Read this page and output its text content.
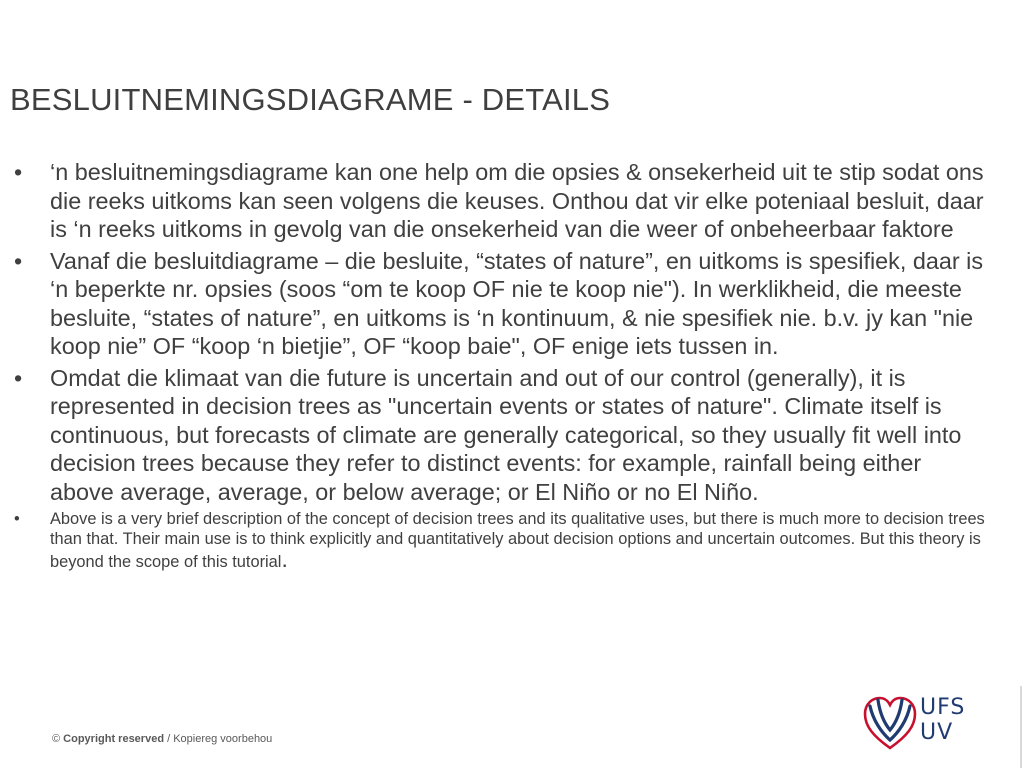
BESLUITNEMINGSDIAGRAME - DETAILS
• ‘n besluitnemingsdiagrame kan one help om die opsies & onsekerheid uit te stip sodat ons die reeks uitkoms kan seen volgens die keuses. Onthou dat vir elke poteniaal besluit, daar is ‘n reeks uitkoms in gevolg van die onsekerheid van die weer of onbeheerbaar faktore
• Vanaf die besluitdiagrame – die besluite, “states of nature”, en uitkoms is spesifiek, daar is ‘n beperkte nr. opsies (soos “om te koop OF nie te koop nie"). In werklikheid, die meeste besluite, “states of nature”, en uitkoms is ‘n kontinuum, & nie spesifiek nie. b.v. jy kan "nie koop nie” OF “koop ‘n bietjie”, OF “koop baie", OF enige iets tussen in.
• Omdat die klimaat van die future is uncertain and out of our control (generally), it is represented in decision trees as "uncertain events or states of nature". Climate itself is continuous, but forecasts of climate are generally categorical, so they usually fit well into decision trees because they refer to distinct events: for example, rainfall being either above average, average, or below average; or El Niño or no El Niño.
• Above is a very brief description of the concept of decision trees and its qualitative uses, but there is much more to decision trees than that. Their main use is to think explicitly and quantitatively about decision options and uncertain outcomes. But this theory is beyond the scope of this tutorial.
© Copyright reserved / Kopiereg voorbehou
UFS
UV
